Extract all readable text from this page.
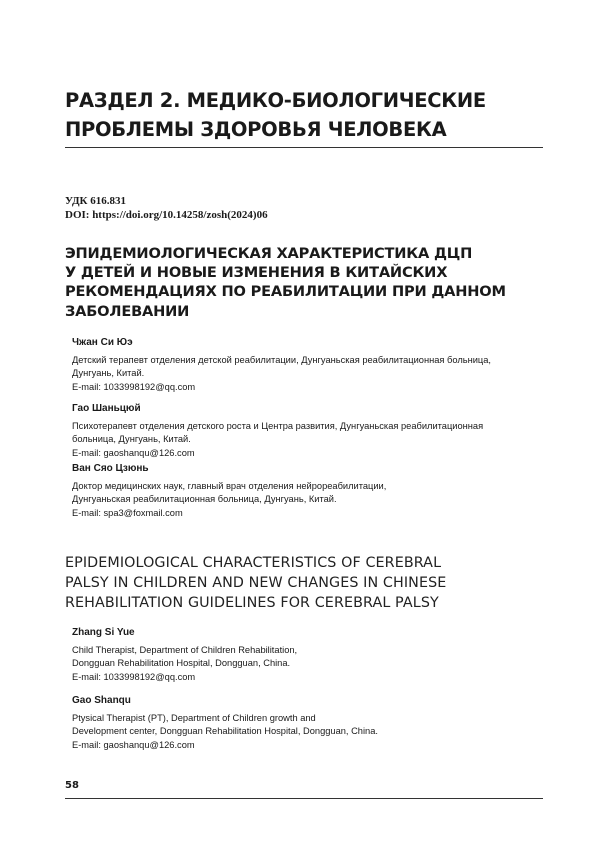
РАЗДЕЛ 2. МЕДИКО-БИОЛОГИЧЕСКИЕ
ПРОБЛЕМЫ ЗДОРОВЬЯ ЧЕЛОВЕКА
УДК 616.831
DOI: https://doi.org/10.14258/zosh(2024)06
ЭПИДЕМИОЛОГИЧЕСКАЯ ХАРАКТЕРИСТИКА ДЦП
У ДЕТЕЙ И НОВЫЕ ИЗМЕНЕНИЯ В КИТАЙСКИХ
РЕКОМЕНДАЦИЯХ ПО РЕАБИЛИТАЦИИ ПРИ ДАННОМ
ЗАБОЛЕВАНИИ
Чжан Си Юэ
Детский терапевт отделения детской реабилитации, Дунгуаньская реабилитационная больница,
Дунгуань, Китай.
E-mail: 1033998192@qq.com
Гао Шаньцюй
Психотерапевт отделения детского роста и Центра развития, Дунгуаньская реабилитационная
больница, Дунгуань, Китай.
E-mail: gaoshanqu@126.com
Ван Сяо Цзюнь
Доктор медицинских наук, главный врач отделения нейрореабилитации,
Дунгуаньская реабилитационная больница, Дунгуань, Китай.
E-mail: spa3@foxmail.com
EPIDEMIOLOGICAL CHARACTERISTICS OF CEREBRAL
PALSY IN CHILDREN AND NEW CHANGES IN CHINESE
REHABILITATION GUIDELINES FOR CEREBRAL PALSY
Zhang Si Yue
Child Therapist, Department of Children Rehabilitation,
Dongguan Rehabilitation Hospital, Dongguan, China.
E-mail: 1033998192@qq.com
Gao Shanqu
Ptysical Therapist (PT), Department of Children growth and
Development center, Dongguan Rehabilitation Hospital, Dongguan, China.
E-mail: gaoshanqu@126.com
58
